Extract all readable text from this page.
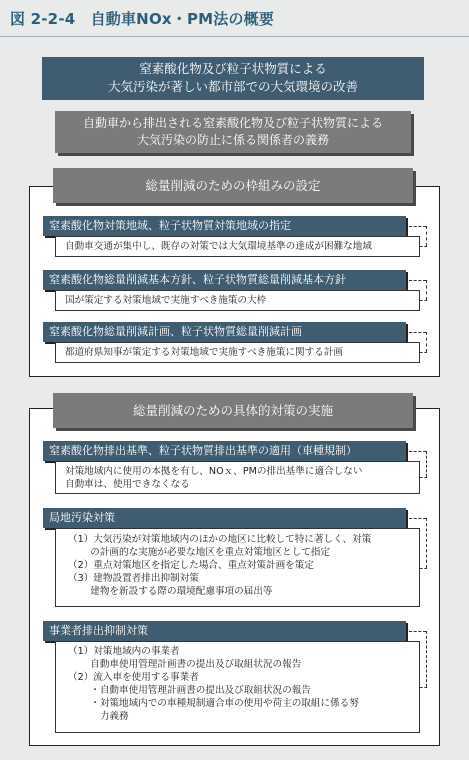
図 2-2-4　自動車NOx・PM法の概要
窒素酸化物及び粒子状物質による
大気汚染が著しい都市部での大気環境の改善
自動車から排出される窒素酸化物及び粒子状物質による
大気汚染の防止に係る関係者の義務
総量削減のための枠組みの設定
窒素酸化物対策地域、粒子状物質対策地域の指定
自動車交通が集中し、既存の対策では大気環境基準の達成が困難な地域
窒素酸化物総量削減基本方針、粒子状物質総量削減基本方針
国が策定する対策地域で実施すべき施策の大枠
窒素酸化物総量削減計画、粒子状物質総量削減計画
都道府県知事が策定する対策地域で実施すべき施策に関する計画
総量削減のための具体的対策の実施
窒素酸化物排出基準、粒子状物質排出基準の適用（車種規制）
対策地域内に使用の本拠を有し、NOｘ、PMの排出基準に適合しない
自動車は、使用できなくなる
局地汚染対策
（1）大気汚染が対策地域内のほかの地区に比較して特に著しく、対策
　　 の計画的な実施が必要な地区を重点対策地区として指定
（2）重点対策地区を指定した場合、重点対策計画を策定
（3）建物設置者排出抑制対策
　　 建物を新設する際の環境配慮事項の届出等
事業者排出抑制対策
（1）対策地域内の事業者
　　 自動車使用管理計画書の提出及び取組状況の報告
（2）流入車を使用する事業者
　　 ・自動車使用管理計画書の提出及び取組状況の報告
　　 ・対策地域内での車種規制適合車の使用や荷主の取組に係る努
　　 　力義務
